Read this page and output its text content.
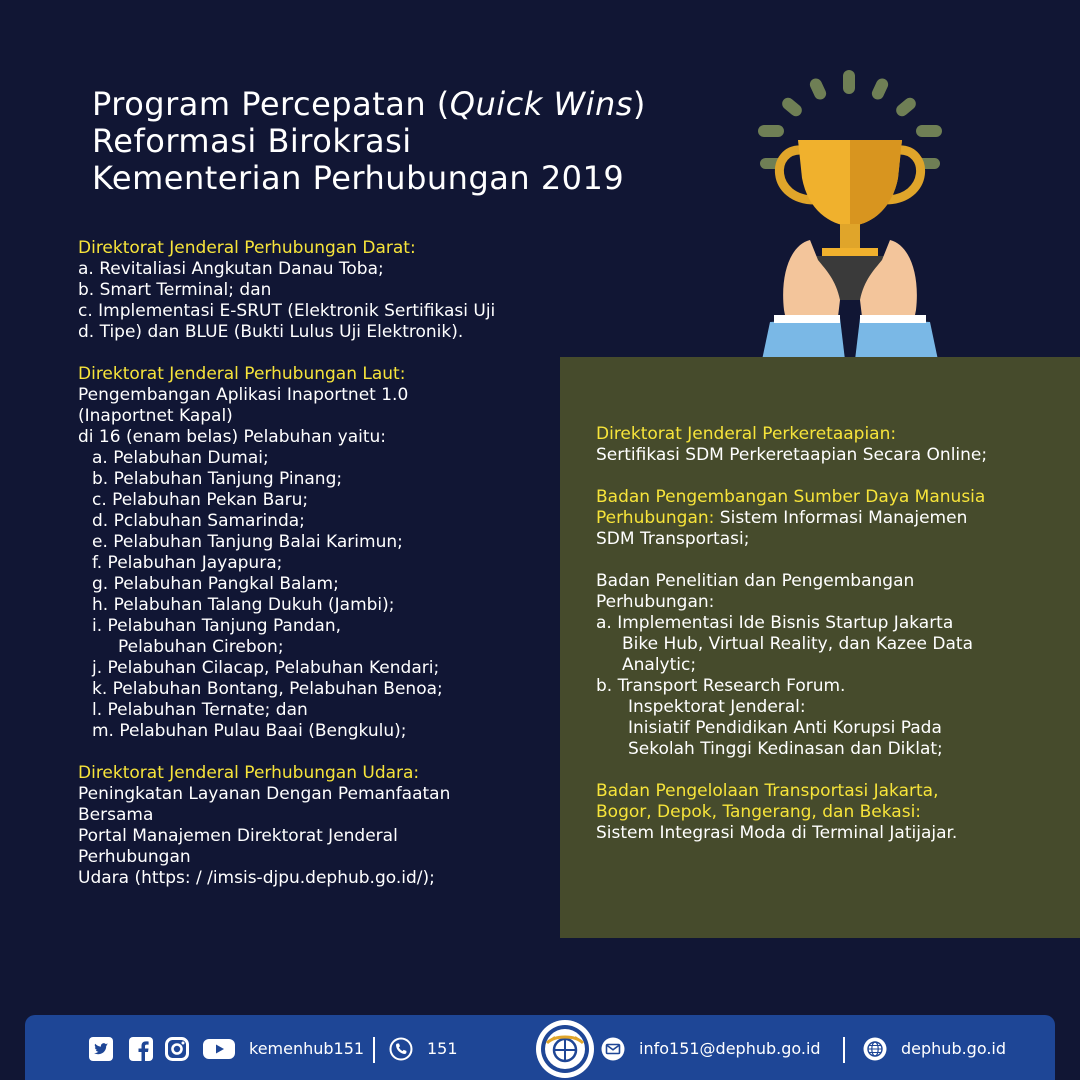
Program Percepatan (Quick Wins)
Reformasi Birokrasi
Kementerian Perhubungan 2019
Direktorat Jenderal Perhubungan Darat:
a. Revitaliasi Angkutan Danau Toba;
b. Smart Terminal; dan
c. Implementasi E-SRUT (Elektronik Sertifikasi Uji
d. Tipe) dan BLUE (Bukti Lulus Uji Elektronik).
Direktorat Jenderal Perhubungan Laut:
Pengembangan Aplikasi Inaportnet 1.0
(Inaportnet Kapal)
di 16 (enam belas) Pelabuhan yaitu:
a. Pelabuhan Dumai;
b. Pelabuhan Tanjung Pinang;
c. Pelabuhan Pekan Baru;
d. Pclabuhan Samarinda;
e. Pelabuhan Tanjung Balai Karimun;
f. Pelabuhan Jayapura;
g. Pelabuhan Pangkal Balam;
h. Pelabuhan Talang Dukuh (Jambi);
i. Pelabuhan Tanjung Pandan,
Pelabuhan Cirebon;
j. Pelabuhan Cilacap, Pelabuhan Kendari;
k. Pelabuhan Bontang, Pelabuhan Benoa;
l. Pelabuhan Ternate; dan
m. Pelabuhan Pulau Baai (Bengkulu);
Direktorat Jenderal Perhubungan Udara:
Peningkatan Layanan Dengan Pemanfaatan
Bersama
Portal Manajemen Direktorat Jenderal
Perhubungan
Udara (https: / /imsis-djpu.dephub.go.id/);
Direktorat Jenderal Perkeretaapian:
Sertifikasi SDM Perkeretaapian Secara Online;
Badan Pengembangan Sumber Daya Manusia
Perhubungan: Sistem Informasi Manajemen
SDM Transportasi;
Badan Penelitian dan Pengembangan
Perhubungan:
a. Implementasi Ide Bisnis Startup Jakarta
Bike Hub, Virtual Reality, dan Kazee Data
Analytic;
b. Transport Research Forum.
Inspektorat Jenderal:
Inisiatif Pendidikan Anti Korupsi Pada
Sekolah Tinggi Kedinasan dan Diklat;
Badan Pengelolaan Transportasi Jakarta,
Bogor, Depok, Tangerang, dan Bekasi:
Sistem Integrasi Moda di Terminal Jatijajar.
kemenhub151	151	info151@dephub.go.id	dephub.go.id
